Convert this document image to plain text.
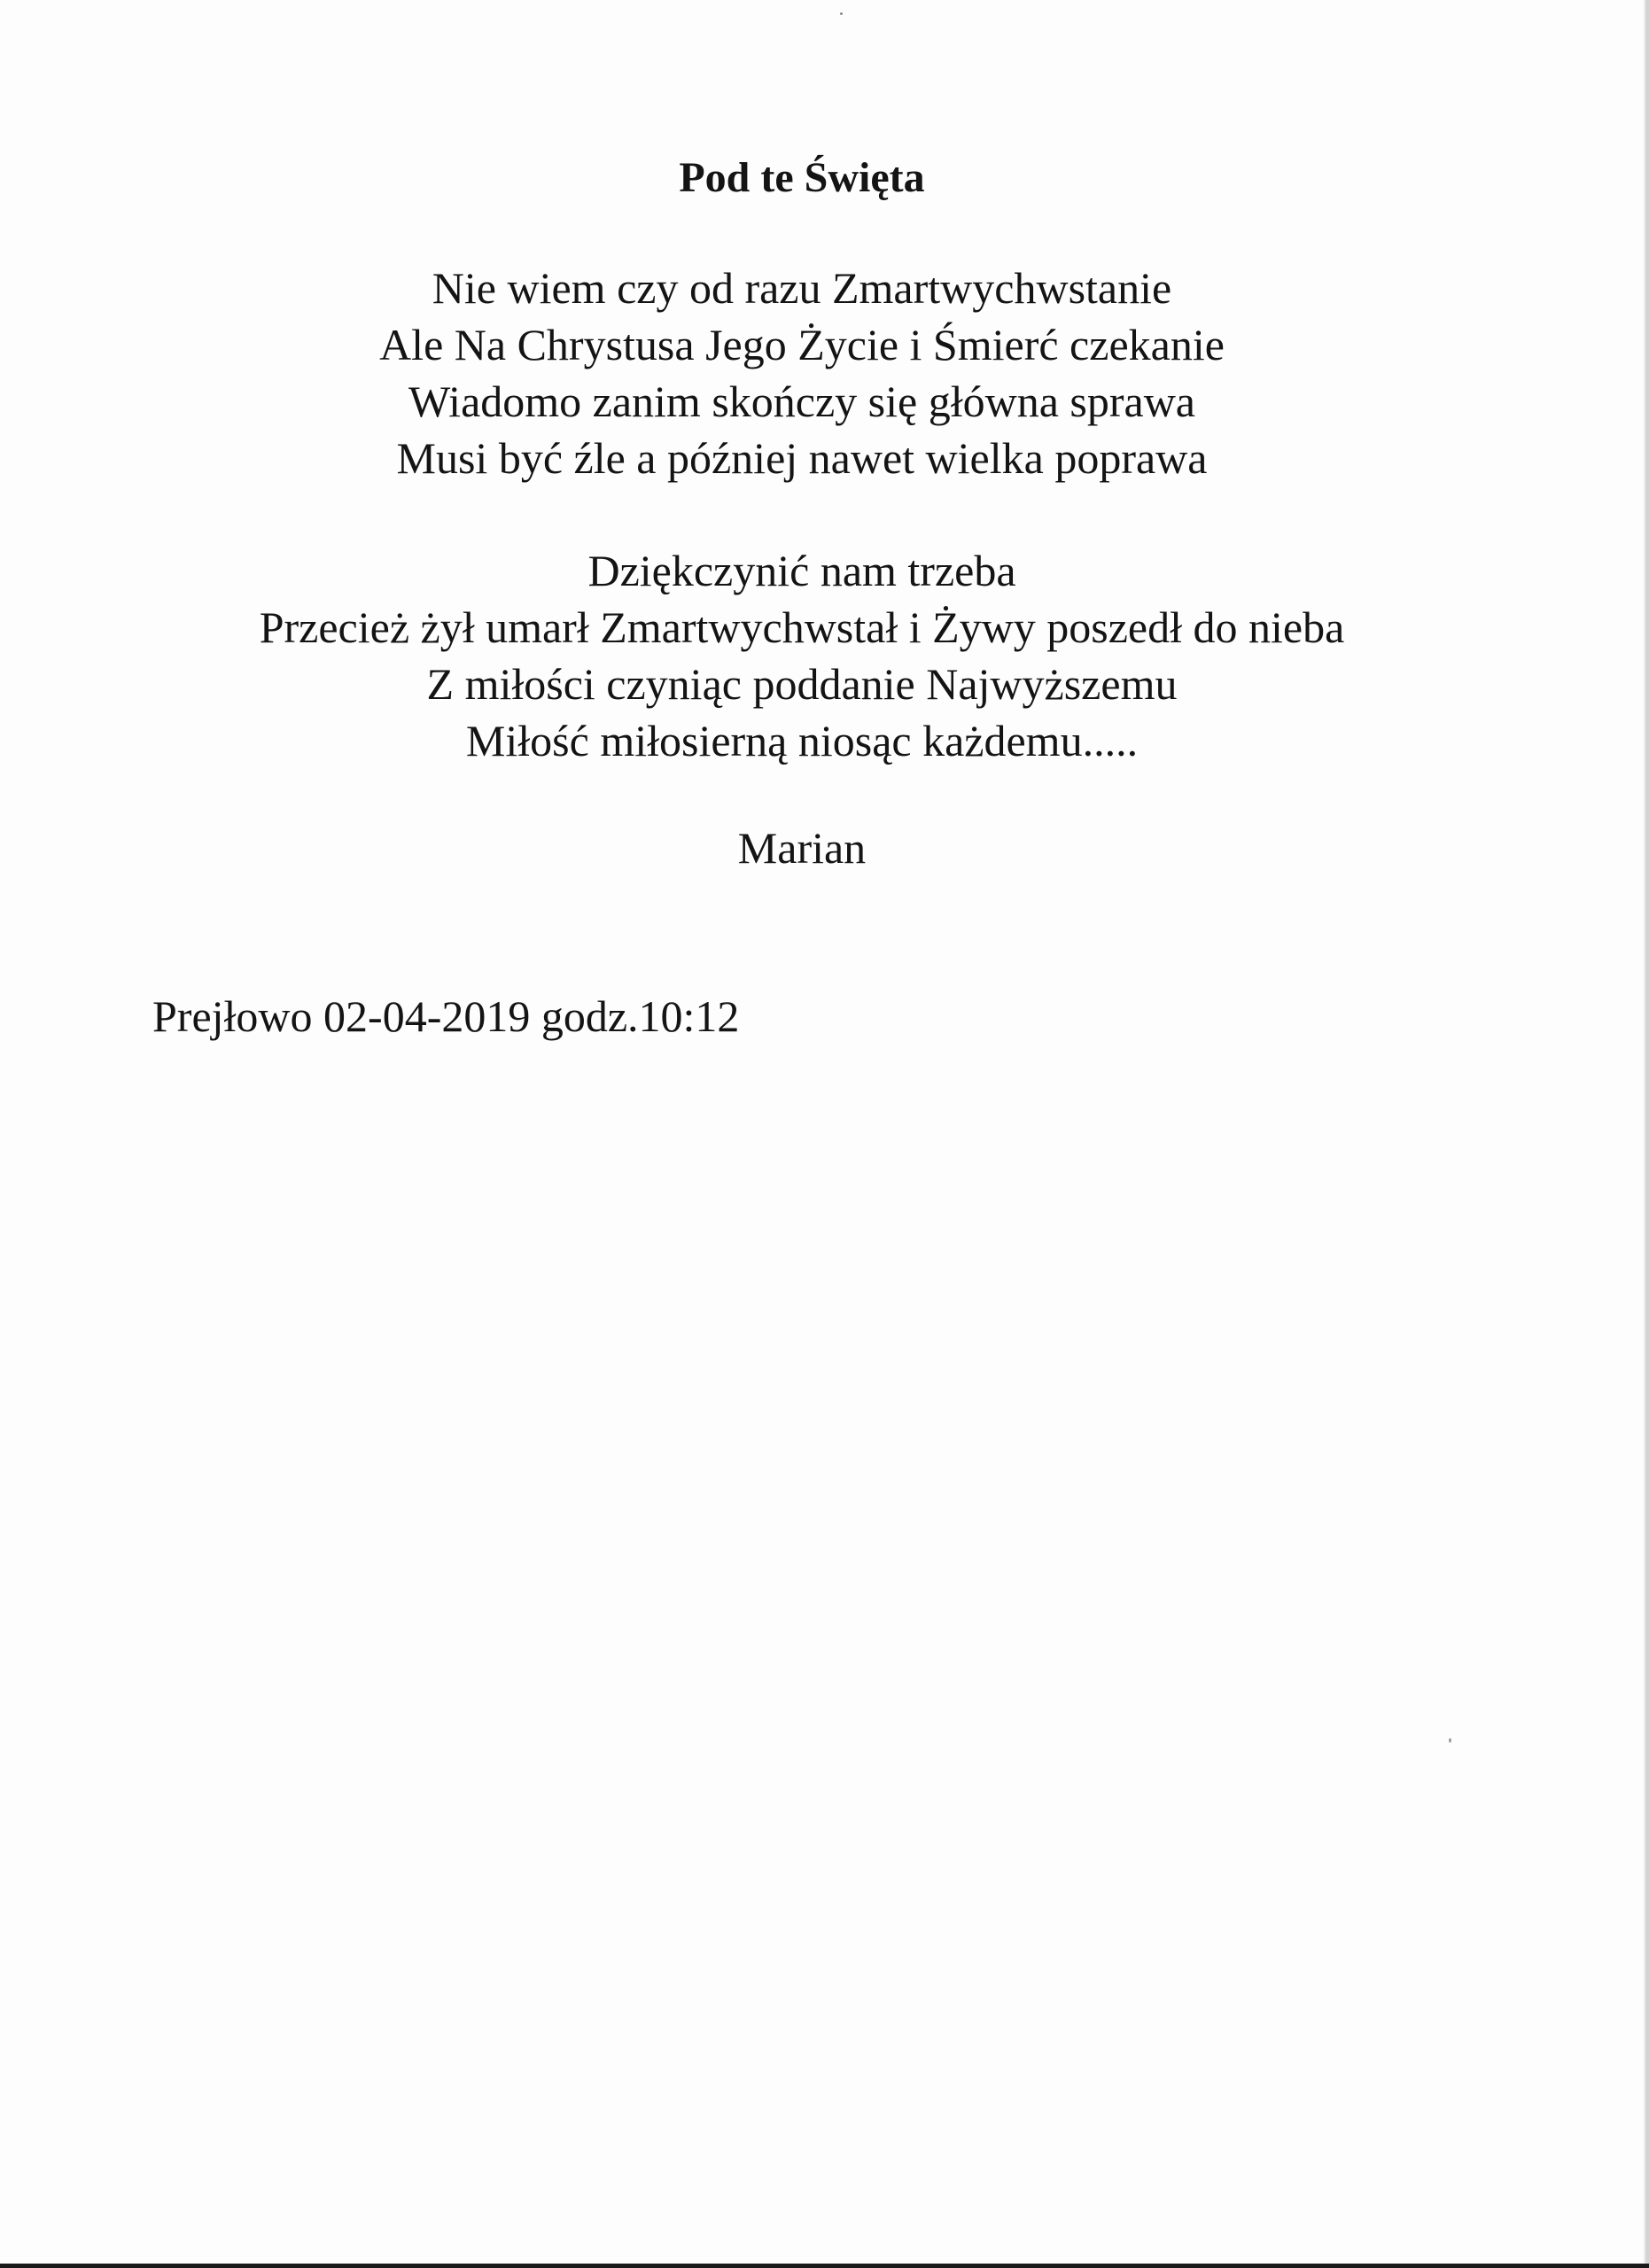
Pod te Święta
Nie wiem czy od razu Zmartwychwstanie
Ale Na Chrystusa Jego Życie i Śmierć czekanie
Wiadomo zanim skończy się główna sprawa
Musi być źle a później nawet wielka poprawa
Dziękczynić nam trzeba
Przecież żył umarł Zmartwychwstał i Żywy poszedł do nieba
Z miłości czyniąc poddanie Najwyższemu
Miłość miłosierną niosąc każdemu.....
Marian
Prejłowo 02-04-2019 godz.10:12
